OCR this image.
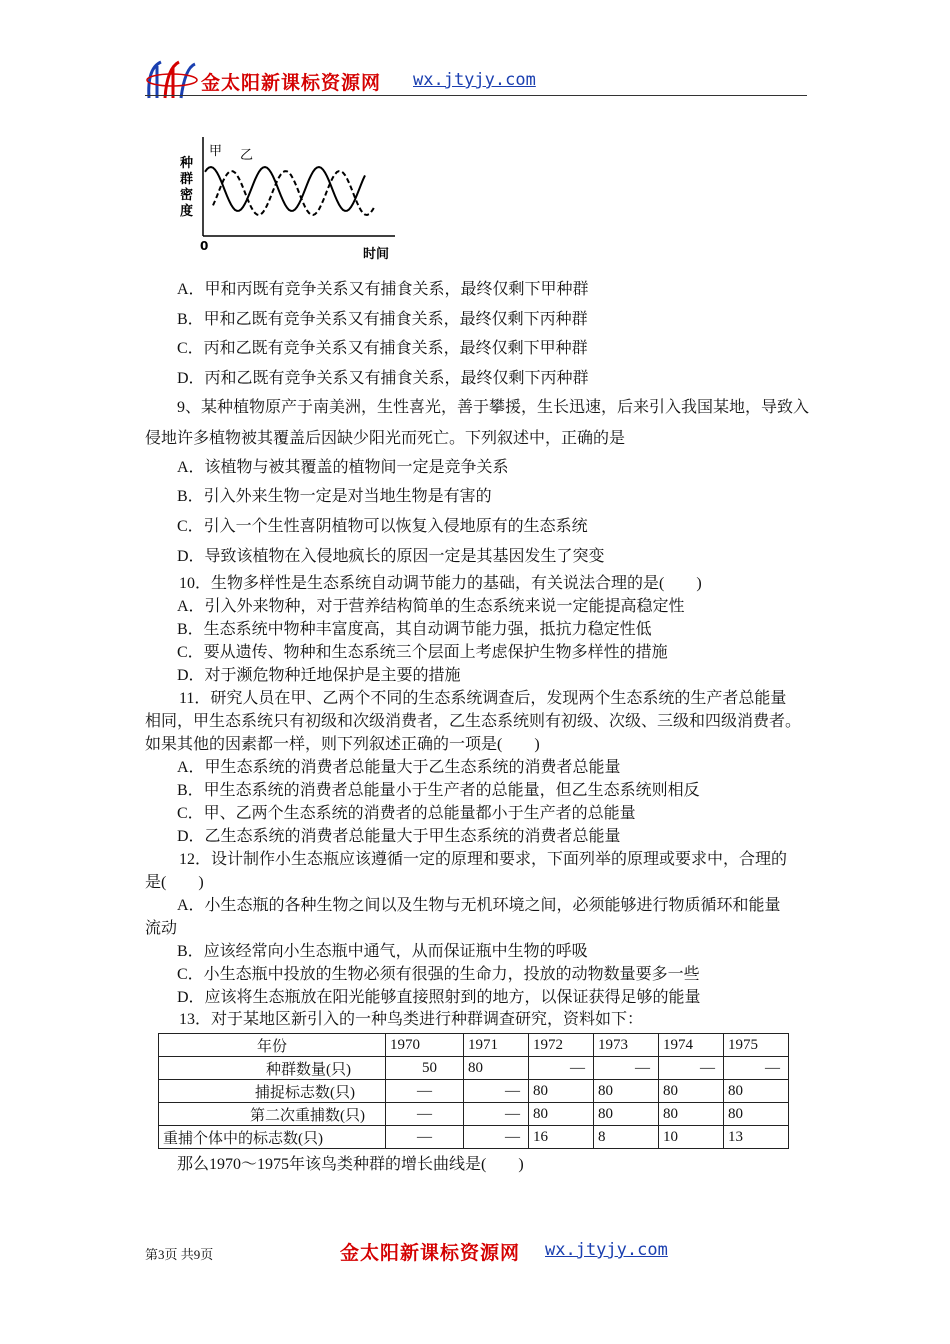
金太阳新课标资源网 wx.jtyjy.com
种
群
密
度
0
时间
甲 乙
A．甲和丙既有竞争关系又有捕食关系，最终仅剩下甲种群
B．甲和乙既有竞争关系又有捕食关系，最终仅剩下丙种群
C．丙和乙既有竞争关系又有捕食关系，最终仅剩下甲种群
D．丙和乙既有竞争关系又有捕食关系，最终仅剩下丙种群
9、某种植物原产于南美洲，生性喜光，善于攀援，生长迅速，后来引入我国某地，导致入
侵地许多植物被其覆盖后因缺少阳光而死亡。下列叙述中，正确的是
A．该植物与被其覆盖的植物间一定是竞争关系
B．引入外来生物一定是对当地生物是有害的
C．引入一个生性喜阴植物可以恢复入侵地原有的生态系统
D．导致该植物在入侵地疯长的原因一定是其基因发生了突变
10．生物多样性是生态系统自动调节能力的基础，有关说法合理的是(　　)
A．引入外来物种，对于营养结构简单的生态系统来说一定能提高稳定性
B．生态系统中物种丰富度高，其自动调节能力强，抵抗力稳定性低
C．要从遗传、物种和生态系统三个层面上考虑保护生物多样性的措施
D．对于濒危物种迁地保护是主要的措施
11．研究人员在甲、乙两个不同的生态系统调查后，发现两个生态系统的生产者总能量
相同，甲生态系统只有初级和次级消费者，乙生态系统则有初级、次级、三级和四级消费者。
如果其他的因素都一样，则下列叙述正确的一项是(　　)
A．甲生态系统的消费者总能量大于乙生态系统的消费者总能量
B．甲生态系统的消费者总能量小于生产者的总能量，但乙生态系统则相反
C．甲、乙两个生态系统的消费者的总能量都小于生产者的总能量
D．乙生态系统的消费者总能量大于甲生态系统的消费者总能量
12．设计制作小生态瓶应该遵循一定的原理和要求，下面列举的原理或要求中，合理的
是(　　)
A．小生态瓶的各种生物之间以及生物与无机环境之间，必须能够进行物质循环和能量
流动
B．应该经常向小生态瓶中通气，从而保证瓶中生物的呼吸
C．小生态瓶中投放的生物必须有很强的生命力，投放的动物数量要多一些
D．应该将生态瓶放在阳光能够直接照射到的地方，以保证获得足够的能量
13．对于某地区新引入的一种鸟类进行种群调查研究，资料如下：
年份	1970	1971	1972	1973	1974	1975
种群数量(只)	50	80	—	—	—	—
捕捉标志数(只)	—	—	80	80	80	80
第二次重捕数(只)	—	—	80	80	80	80
重捕个体中的标志数(只)	—	—	16	8	10	13
那么1970～1975年该鸟类种群的增长曲线是(　　)
第3页 共9页	金太阳新课标资源网 wx.jtyjy.com
